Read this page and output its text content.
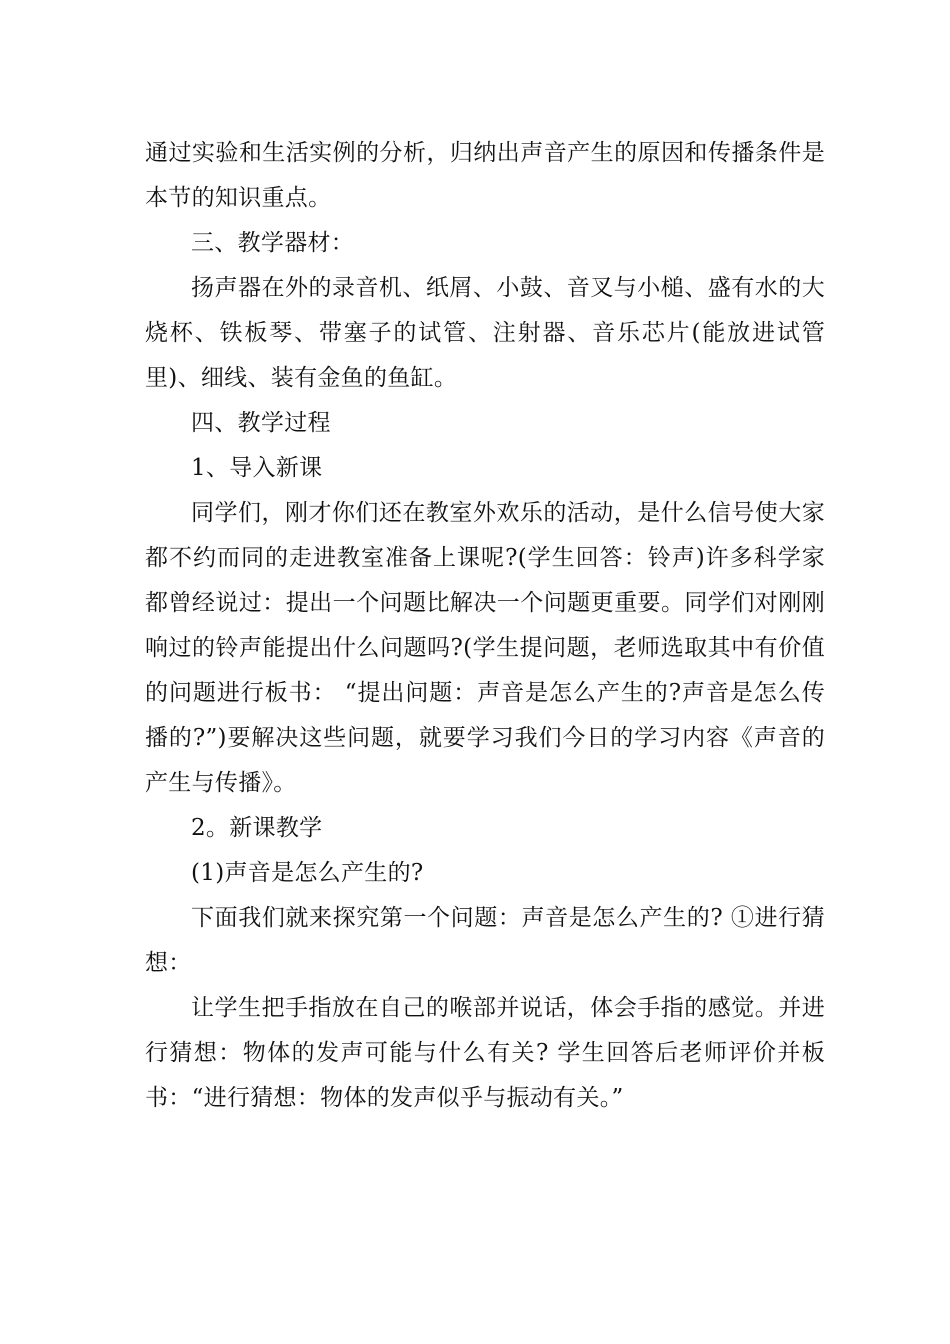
通过实验和生活实例的分析，归纳出声音产生的原因和传播条件是本节的知识重点。

三、教学器材：

扬声器在外的录音机、纸屑、小鼓、音叉与小槌、盛有水的大烧杯、铁板琴、带塞子的试管、注射器、音乐芯片(能放进试管里)、细线、装有金鱼的鱼缸。

四、教学过程

1、导入新课

同学们，刚才你们还在教室外欢乐的活动，是什么信号使大家都不约而同的走进教室准备上课呢?(学生回答：铃声)许多科学家都曾经说过：提出一个问题比解决一个问题更重要。同学们对刚刚响过的铃声能提出什么问题吗?(学生提问题，老师选取其中有价值的问题进行板书： “提出问题：声音是怎么产生的?声音是怎么传播的?”)要解决这些问题，就要学习我们今日的学习内容《声音的产生与传播》。

2。新课教学

(1)声音是怎么产生的?

下面我们就来探究第一个问题：声音是怎么产生的? ①进行猜想：

让学生把手指放在自己的喉部并说话，体会手指的感觉。并进行猜想：物体的发声可能与什么有关? 学生回答后老师评价并板书：“进行猜想：物体的发声似乎与振动有关。”
